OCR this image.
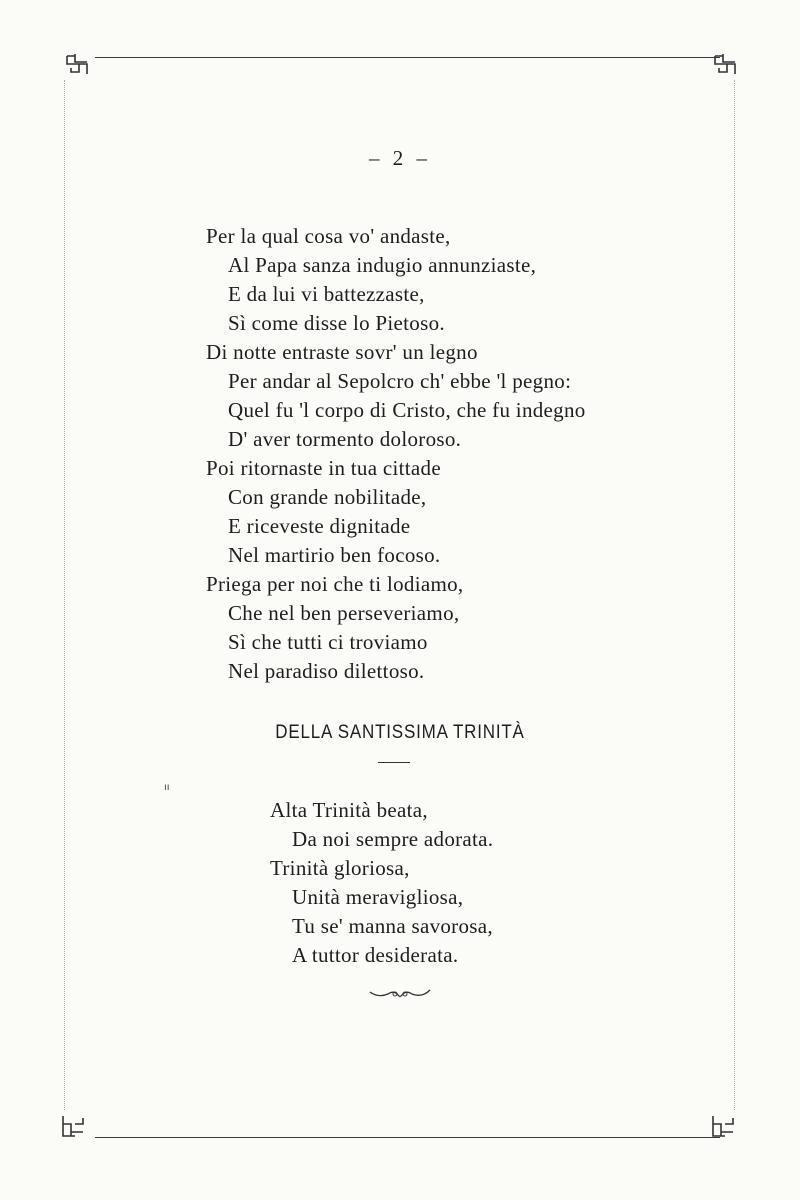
– 2 –
Per la qual cosa vo' andaste,
Al Papa sanza indugio annunziaste,
E da lui vi battezzaste,
Sì come disse lo Pietoso.
Di notte entraste sovr' un legno
Per andar al Sepolcro ch' ebbe 'l pegno:
Quel fu 'l corpo di Cristo, che fu indegno
D' aver tormento doloroso.
Poi ritornaste in tua cittade
Con grande nobilitade,
E riceveste dignitade
Nel martirio ben focoso.
Priega per noi che ti lodiamo,
Che nel ben perseveriamo,
Sì che tutti ci troviamo
Nel paradiso dilettoso.
DELLA SANTISSIMA TRINITÀ
Alta Trinità beata,
Da noi sempre adorata.
Trinità gloriosa,
Unità meravigliosa,
Tu se' manna savorosa,
A tuttor desiderata.
ıı
